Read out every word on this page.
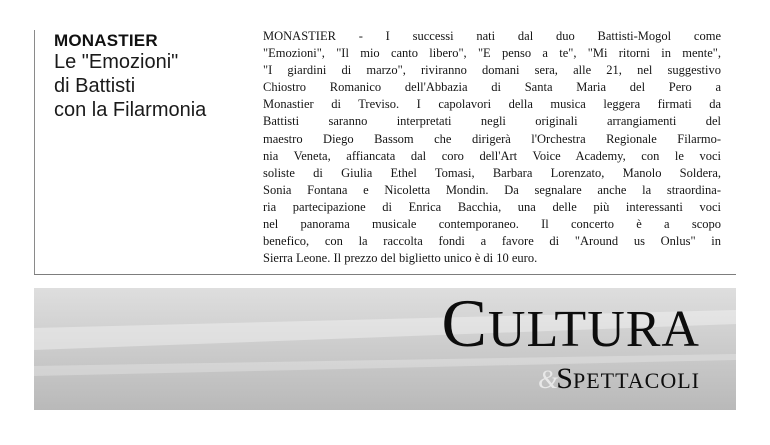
MONASTIER
Le "Emozioni"
di Battisti
con la Filarmonia
MONASTIER - I successi nati dal duo Battisti-Mogol come
"Emozioni", "Il mio canto libero", "E penso a te", "Mi ritorni in mente",
"I giardini di marzo", riviranno domani sera, alle 21, nel suggestivo
Chiostro Romanico dell'Abbazia di Santa Maria del Pero a
Monastier di Treviso. I capolavori della musica leggera firmati da
Battisti saranno interpretati negli originali arrangiamenti del
maestro Diego Bassom che dirigerà l'Orchestra Regionale Filarmo-
nia Veneta, affiancata dal coro dell'Art Voice Academy, con le voci
soliste di Giulia Ethel Tomasi, Barbara Lorenzato, Manolo Soldera,
Sonia Fontana e Nicoletta Mondin. Da segnalare anche la straordina-
ria partecipazione di Enrica Bacchia, una delle più interessanti voci
nel panorama musicale contemporaneo. Il concerto è a scopo
benefico, con la raccolta fondi a favore di "Around us Onlus" in
Sierra Leone. Il prezzo del biglietto unico è di 10 euro.
CULTURA
&SPETTACOLI
